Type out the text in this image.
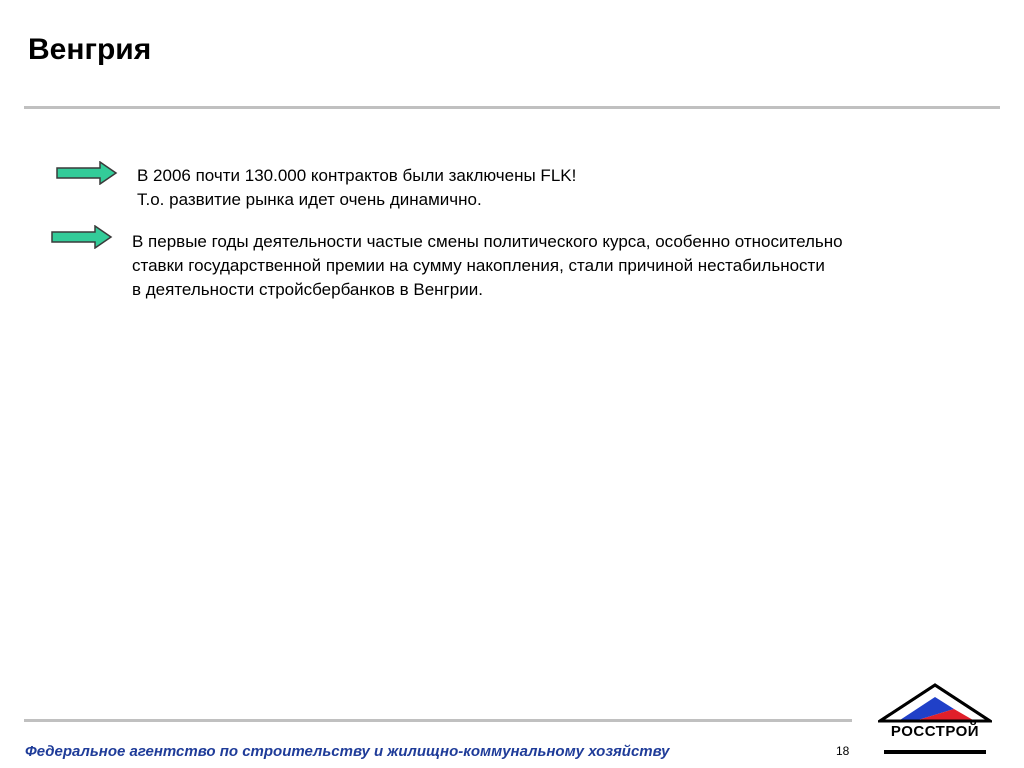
Венгрия
В 2006 почти 130.000 контрактов были заключены FLK!
Т.о. развитие рынка идет очень динамично.
В первые годы деятельности частые смены политического курса, особенно относительно
ставки государственной премии на сумму накопления, стали причиной нестабильности
в деятельности стройсбербанков в Венгрии.
Федеральное агентство по строительству и жилищно-коммунальному хозяйству	18
РОССТРОЙ
